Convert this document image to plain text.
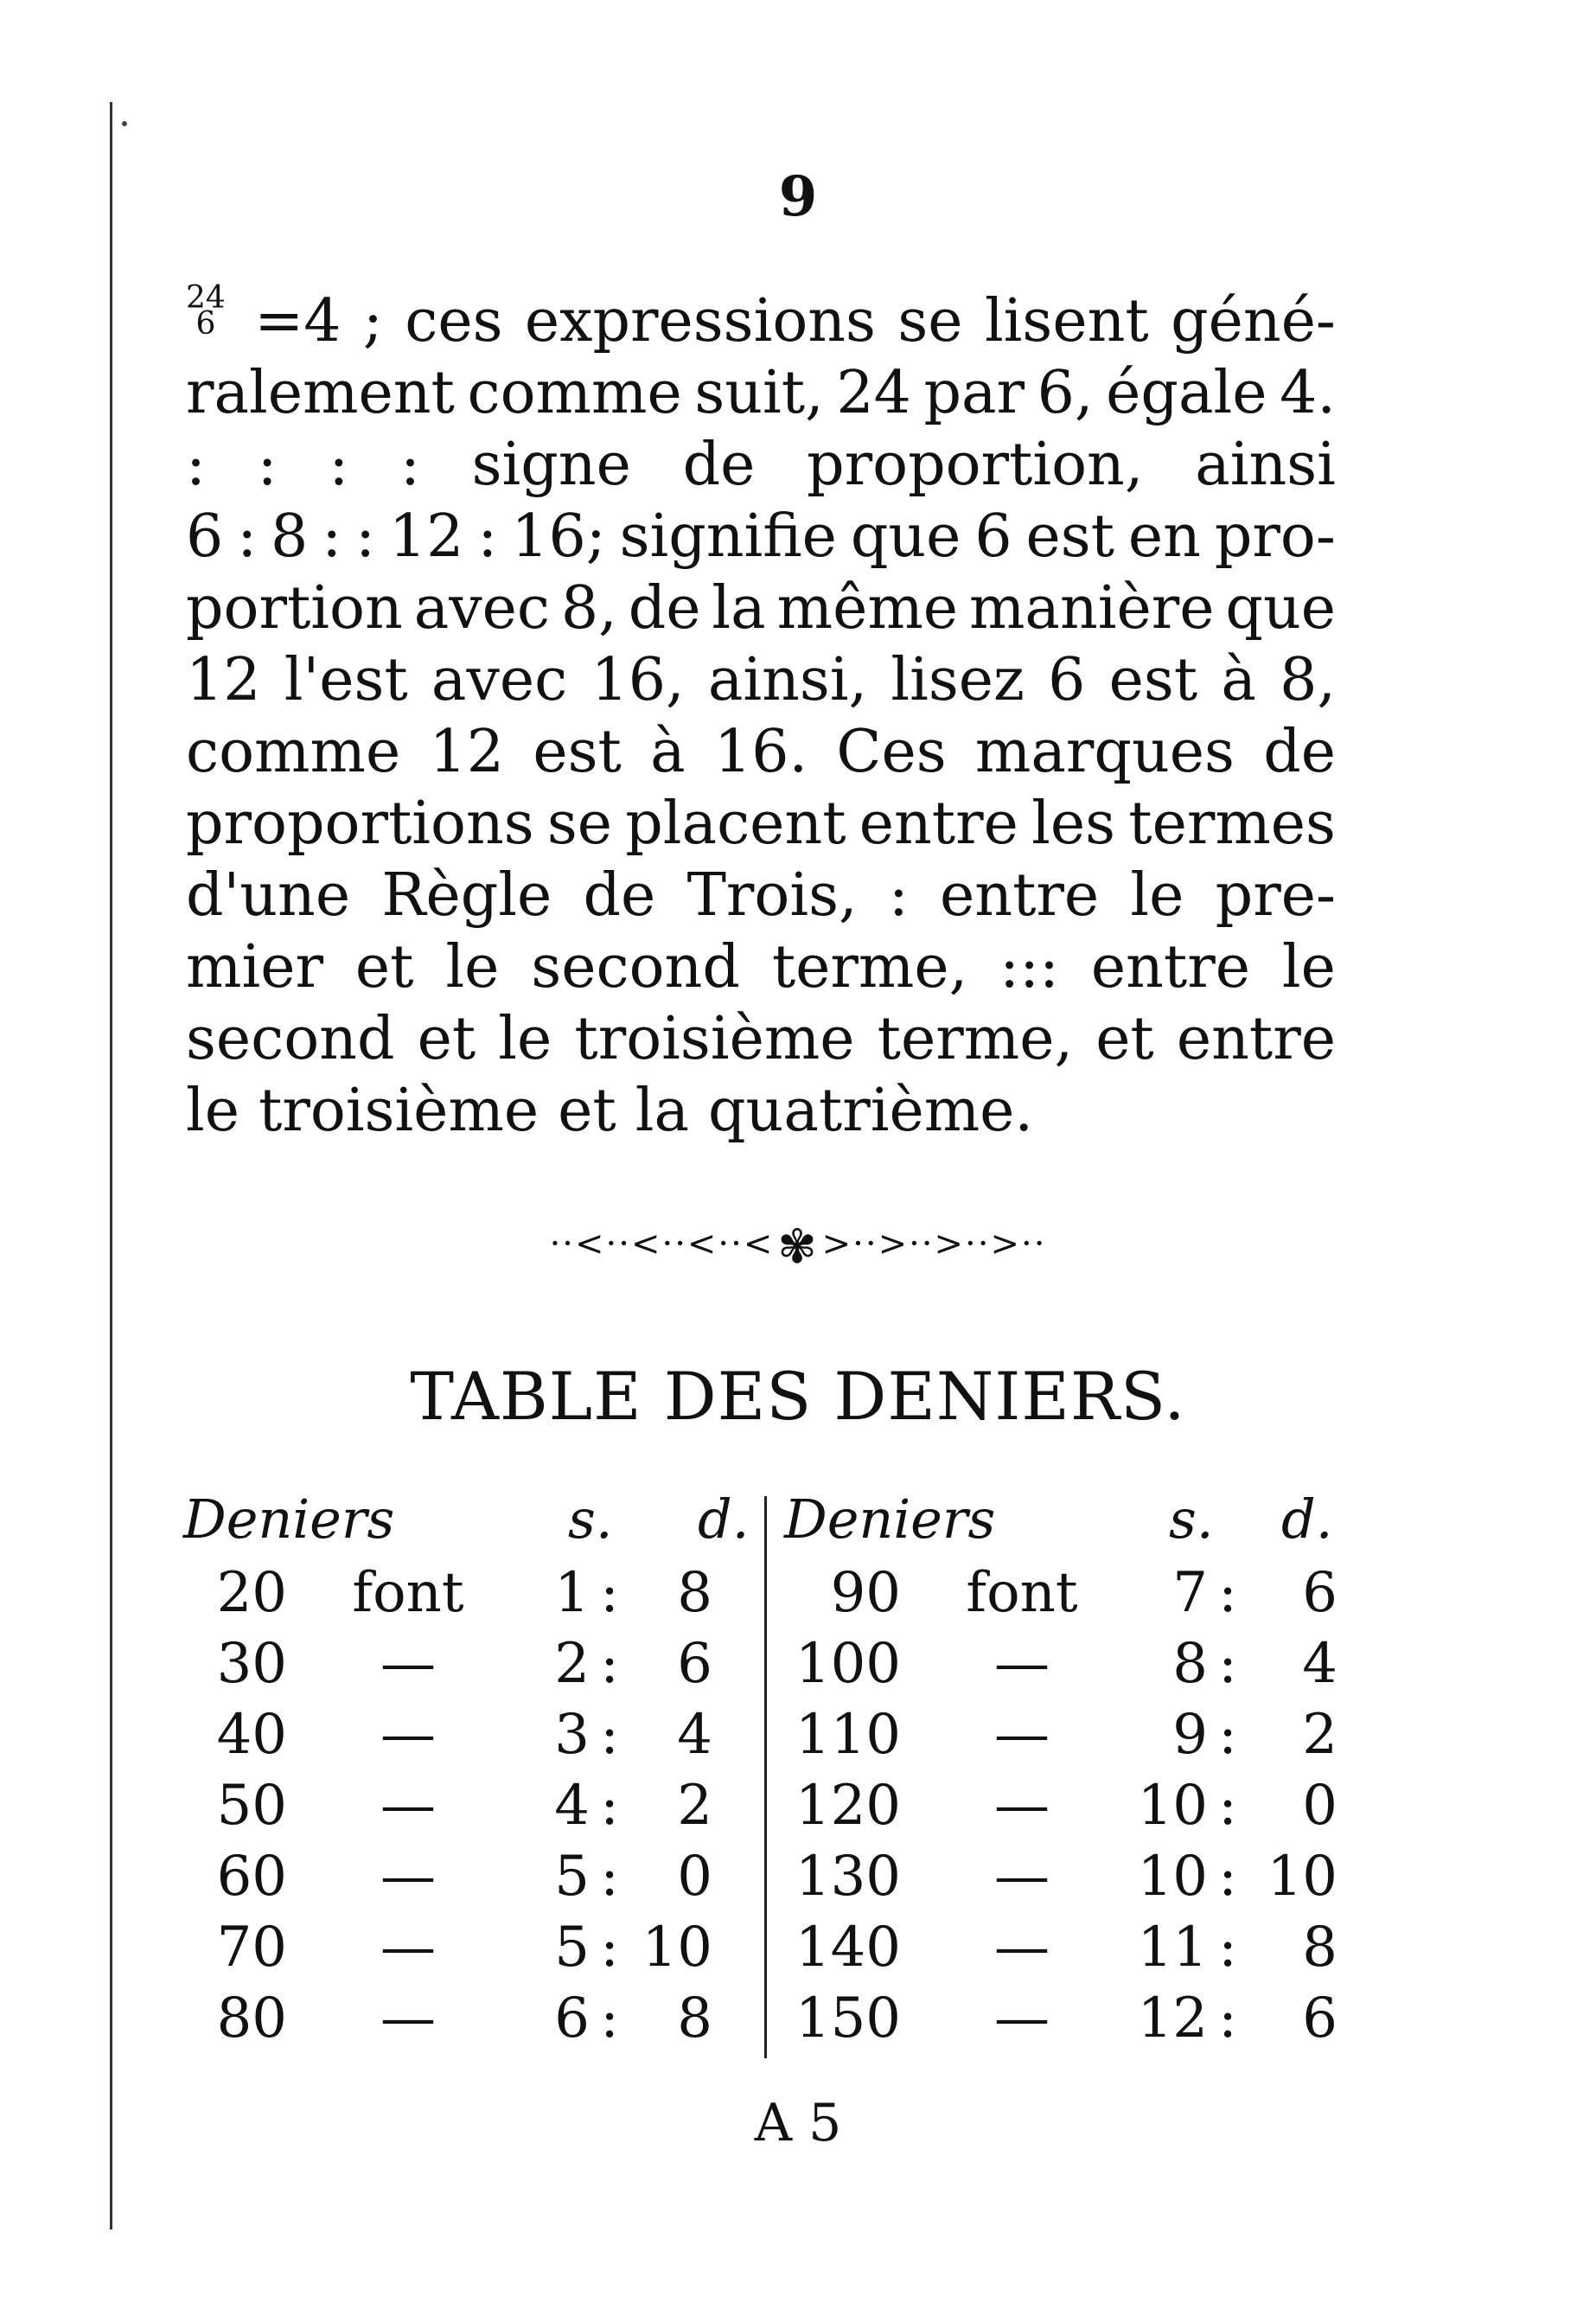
9
24
6 =4 ; ces expressions se lisent géné-
ralement comme suit, 24 par 6, égale 4.
: : : : signe de proportion, ainsi
6 : 8 : : 12 : 16; signifie que 6 est en pro-
portion avec 8, de la même manière que
12 l'est avec 16, ainsi, lisez 6 est à 8,
comme 12 est à 16. Ces marques de
proportions se placent entre les termes
d'une Règle de Trois, : entre le pre-
mier et le second terme, ::: entre le
second et le troisième terme, et entre
le troisième et la quatrième.
··<··<··<··<✾ >··>··>··>··
TABLE DES DENIERS.
Deniers	s. d.
20	font	1 :	8
30	—	2 :	6
40	—	3 :	4
50	—	4 :	2
60	—	5 :	0
70	—	5 : 10
80	—	6 :	8
Deniers	s. d.
90	font	7 :	6
100	—	8 :	4
110	—	9 :	2
120	—	10 :	0
130	—	10 : 10
140	—	11 :	8
150	—	12 :	6
A 5
